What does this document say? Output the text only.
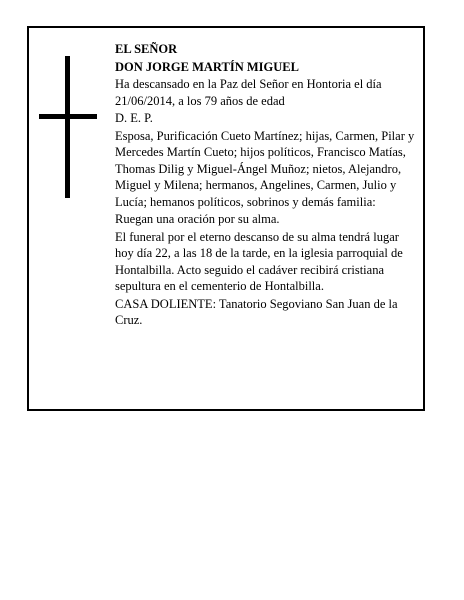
EL SEÑOR

DON JORGE MARTÍN MIGUEL

Ha descansado en la Paz del Señor en Hontoria el día 21/06/2014, a los 79 años de edad

D. E. P.

Esposa, Purificación Cueto Martínez; hijas, Carmen, Pilar y Mercedes Martín Cueto; hijos políticos, Francisco Matías, Thomas Dilig y Miguel-Ángel Muñoz; nietos, Alejandro, Miguel y Milena; hermanos, Angelines, Carmen, Julio y Lucía; hemanos políticos, sobrinos y demás familia:

Ruegan una oración por su alma.

El funeral por el eterno descanso de su alma tendrá lugar hoy día 22, a las 18 de la tarde, en la iglesia parroquial de Hontalbilla. Acto seguido el cadáver recibirá cristiana sepultura en el cementerio de Hontalbilla.

CASA DOLIENTE: Tanatorio Segoviano San Juan de la Cruz.
